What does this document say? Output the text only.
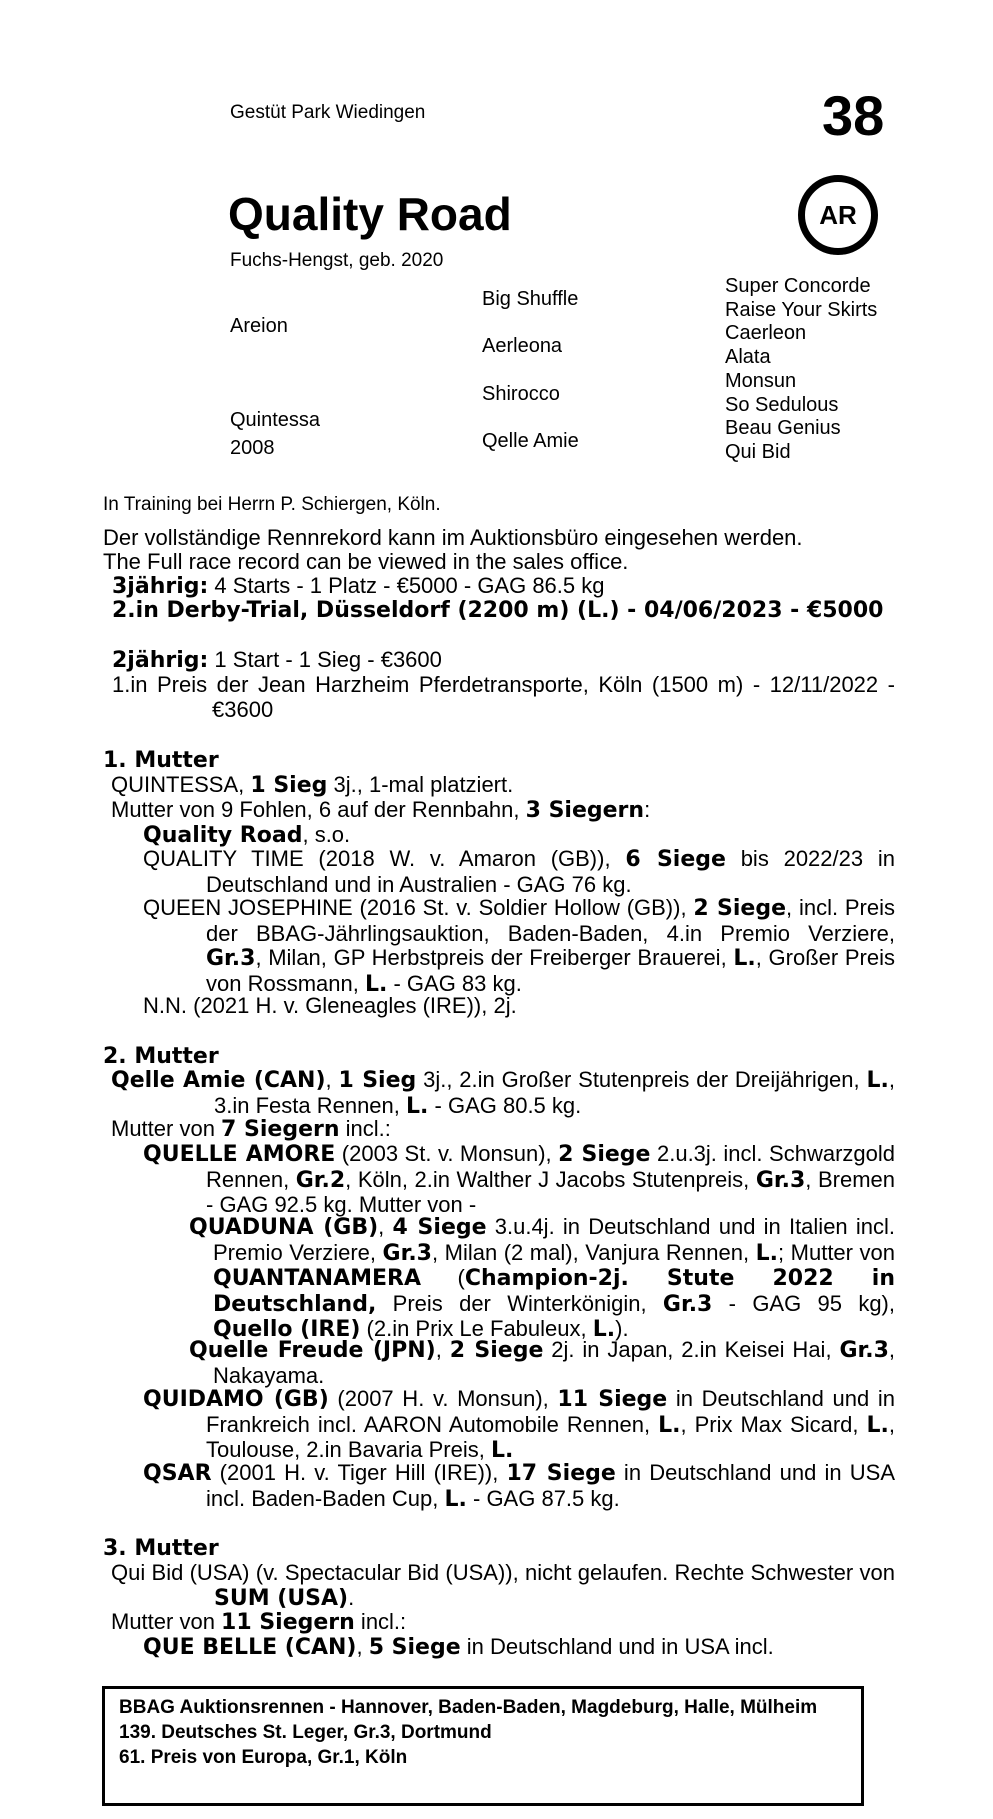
Gestüt Park Wiedingen	38
Quality Road	AR
Fuchs-Hengst, geb. 2020
Areion
Quintessa
2008
Big Shuffle
Aerleona
Shirocco
Qelle Amie
Super Concorde
Raise Your Skirts
Caerleon
Alata
Monsun
So Sedulous
Beau Genius
Qui Bid
In Training bei Herrn P. Schiergen, Köln.
Der vollständige Rennrekord kann im Auktionsbüro eingesehen werden.
The Full race record can be viewed in the sales office.
3jährig: 4 Starts - 1 Platz - €5000 - GAG 86.5 kg
2.in Derby-Trial, Düsseldorf (2200 m) (L.) - 04/06/2023 - €5000
2jährig: 1 Start - 1 Sieg - €3600
1.in Preis der Jean Harzheim Pferdetransporte, Köln (1500 m) - 12/11/2022 - €3600
1. Mutter
QUINTESSA, 1 Sieg 3j., 1-mal platziert.
Mutter von 9 Fohlen, 6 auf der Rennbahn, 3 Siegern:
Quality Road, s.o.
QUALITY TIME (2018 W. v. Amaron (GB)), 6 Siege bis 2022/23 in Deutschland und in Australien - GAG 76 kg.
QUEEN JOSEPHINE (2016 St. v. Soldier Hollow (GB)), 2 Siege, incl. Preis der BBAG-Jährlingsauktion, Baden-Baden, 4.in Premio Verziere, Gr.3, Milan, GP Herbstpreis der Freiberger Brauerei, L., Großer Preis von Rossmann, L. - GAG 83 kg.
N.N. (2021 H. v. Gleneagles (IRE)), 2j.
2. Mutter
Qelle Amie (CAN), 1 Sieg 3j., 2.in Großer Stutenpreis der Dreijährigen, L., 3.in Festa Rennen, L. - GAG 80.5 kg.
Mutter von 7 Siegern incl.:
QUELLE AMORE (2003 St. v. Monsun), 2 Siege 2.u.3j. incl. Schwarzgold Rennen, Gr.2, Köln, 2.in Walther J Jacobs Stutenpreis, Gr.3, Bremen - GAG 92.5 kg. Mutter von -
QUADUNA (GB), 4 Siege 3.u.4j. in Deutschland und in Italien incl. Premio Verziere, Gr.3, Milan (2 mal), Vanjura Rennen, L.; Mutter von QUANTANAMERA (Champion-2j. Stute 2022 in Deutschland, Preis der Winterkönigin, Gr.3 - GAG 95 kg), Quello (IRE) (2.in Prix Le Fabuleux, L.).
Quelle Freude (JPN), 2 Siege 2j. in Japan, 2.in Keisei Hai, Gr.3, Nakayama.
QUIDAMO (GB) (2007 H. v. Monsun), 11 Siege in Deutschland und in Frankreich incl. AARON Automobile Rennen, L., Prix Max Sicard, L., Toulouse, 2.in Bavaria Preis, L.
QSAR (2001 H. v. Tiger Hill (IRE)), 17 Siege in Deutschland und in USA incl. Baden-Baden Cup, L. - GAG 87.5 kg.
3. Mutter
Qui Bid (USA) (v. Spectacular Bid (USA)), nicht gelaufen. Rechte Schwester von SUM (USA).
Mutter von 11 Siegern incl.:
QUE BELLE (CAN), 5 Siege in Deutschland und in USA incl.
BBAG Auktionsrennen - Hannover, Baden-Baden, Magdeburg, Halle, Mülheim
139. Deutsches St. Leger, Gr.3, Dortmund
61. Preis von Europa, Gr.1, Köln
